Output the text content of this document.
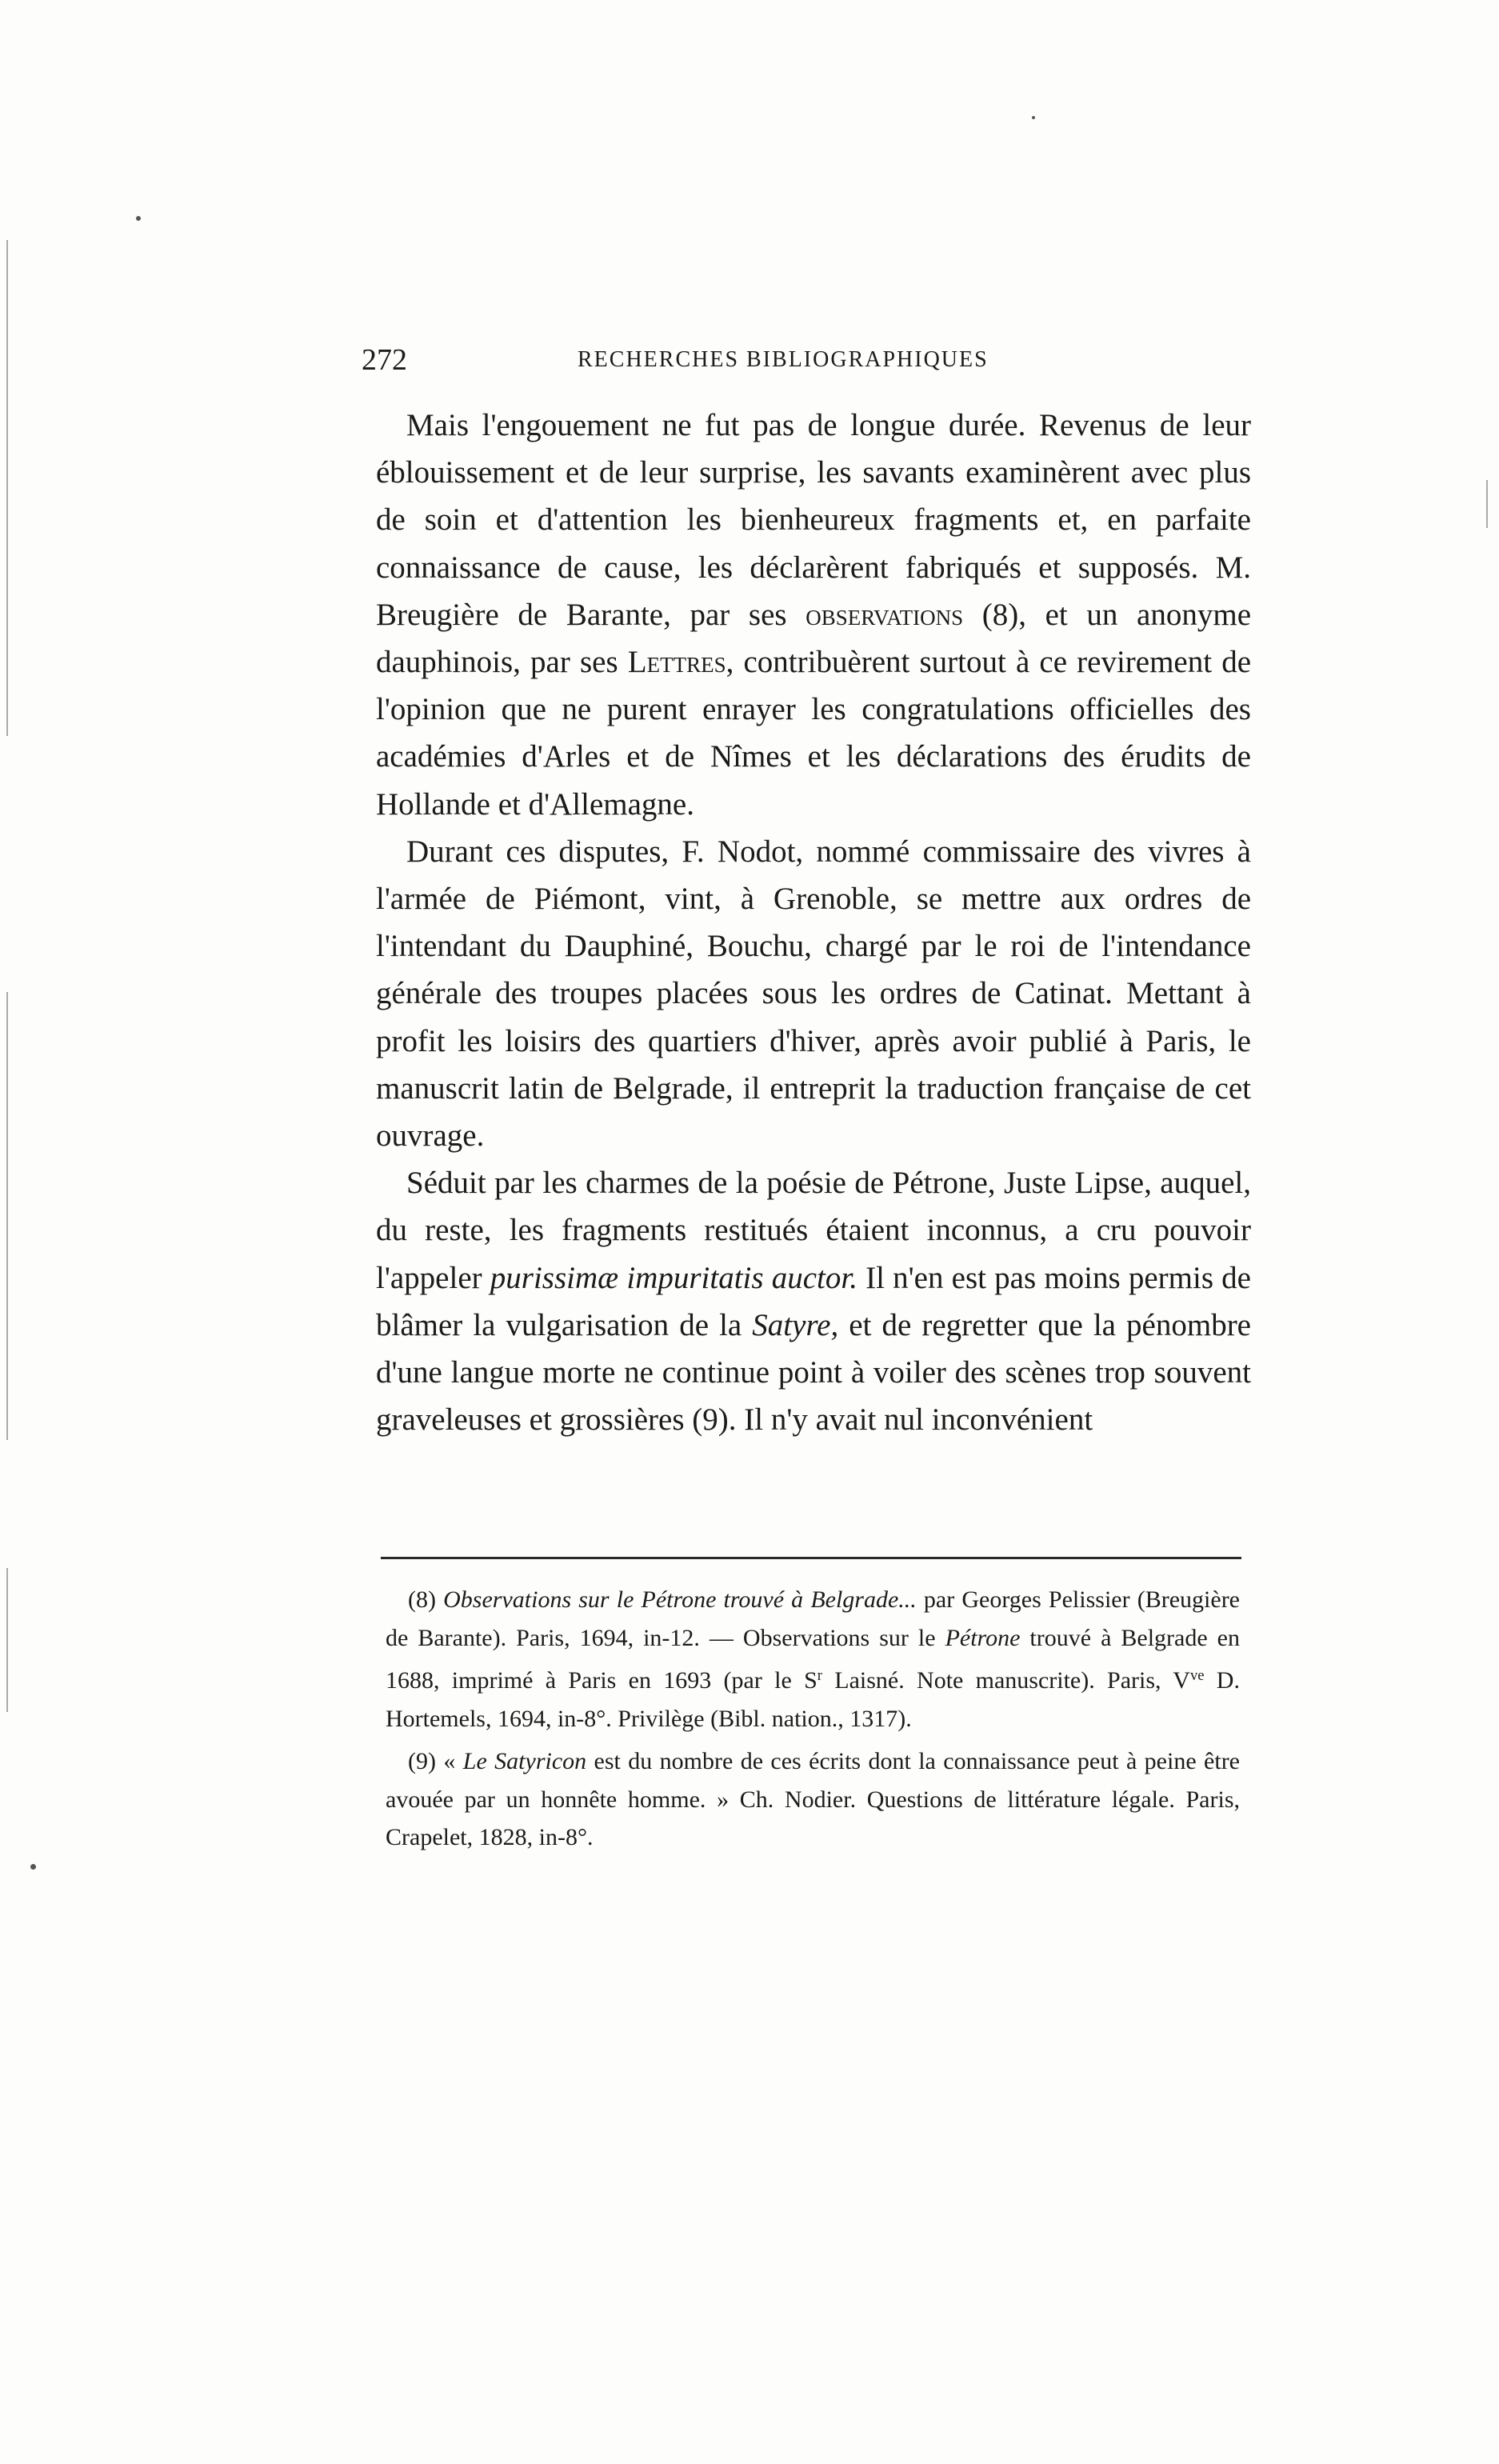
272	RECHERCHES BIBLIOGRAPHIQUES

Mais l'engouement ne fut pas de longue durée. Revenus de leur éblouissement et de leur surprise, les savants examinèrent avec plus de soin et d'attention les bienheureux fragments et, en parfaite connaissance de cause, les déclarèrent fabriqués et supposés. M. Breugière de Barante, par ses observations (8), et un anonyme dauphinois, par ses Lettres, contribuèrent surtout à ce revirement de l'opinion que ne purent enrayer les congratulations officielles des académies d'Arles et de Nîmes et les déclarations des érudits de Hollande et d'Allemagne.

Durant ces disputes, F. Nodot, nommé commissaire des vivres à l'armée de Piémont, vint, à Grenoble, se mettre aux ordres de l'intendant du Dauphiné, Bouchu, chargé par le roi de l'intendance générale des troupes placées sous les ordres de Catinat. Mettant à profit les loisirs des quartiers d'hiver, après avoir publié à Paris, le manuscrit latin de Belgrade, il entreprit la traduction française de cet ouvrage.

Séduit par les charmes de la poésie de Pétrone, Juste Lipse, auquel, du reste, les fragments restitués étaient inconnus, a cru pouvoir l'appeler purissimæ impuritatis auctor. Il n'en est pas moins permis de blâmer la vulgarisation de la Satyre, et de regretter que la pénombre d'une langue morte ne continue point à voiler des scènes trop souvent graveleuses et grossières (9). Il n'y avait nul inconvénient

(8) Observations sur le Pétrone trouvé à Belgrade... par Georges Pelissier (Breugière de Barante). Paris, 1694, in-12. — Observations sur le Pétrone trouvé à Belgrade en 1688, imprimé à Paris en 1693 (par le $S^r$ Laisné. Note manuscrite). Paris, $V^{ve}$ D. Hortemels, 1694, in-8°. Privilège (Bibl. nation., 1317).

(9) « Le Satyricon est du nombre de ces écrits dont la connaissance peut à peine être avouée par un honnête homme. » Ch. Nodier. Questions de littérature légale. Paris, Crapelet, 1828, in-8°.
